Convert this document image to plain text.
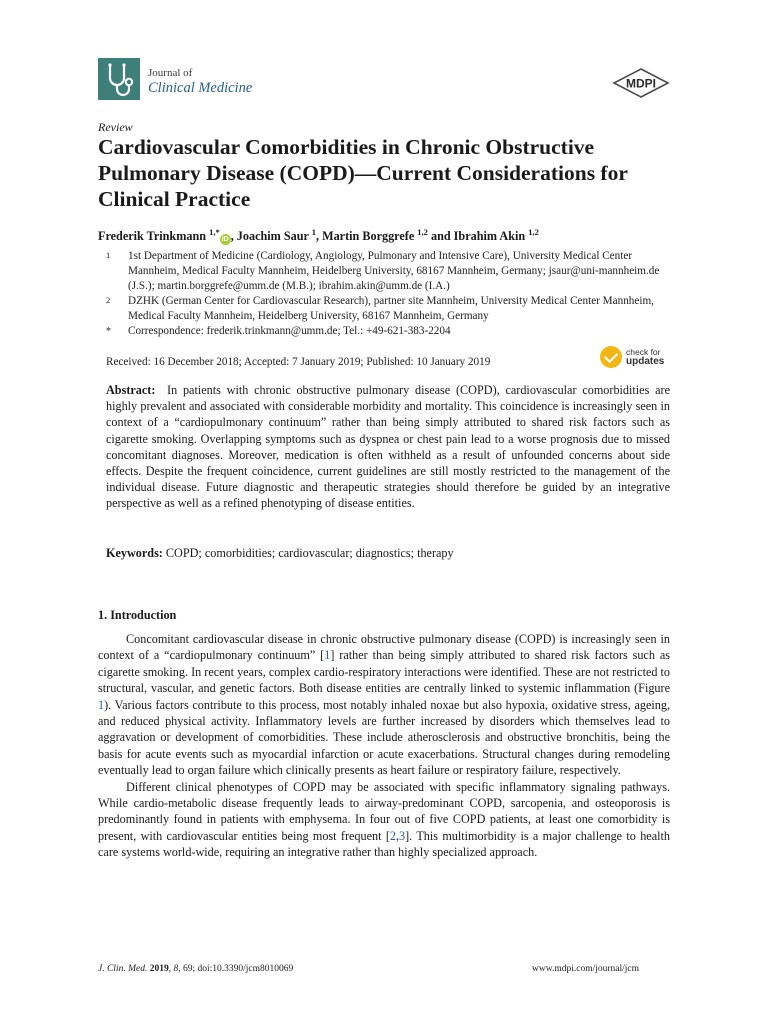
Journal of
Clinical Medicine	MDPI
Review
Cardiovascular Comorbidities in Chronic Obstructive Pulmonary Disease (COPD)—Current Considerations for Clinical Practice
Frederik Trinkmann $^{1,*}$iD , Joachim Saur $^1$, Martin Borggrefe $^{1,2}$ and Ibrahim Akin $^{1,2}$
1	1st Department of Medicine (Cardiology, Angiology, Pulmonary and Intensive Care), University Medical Center Mannheim, Medical Faculty Mannheim, Heidelberg University, 68167 Mannheim, Germany; jsaur@uni-mannheim.de (J.S.); martin.borggrefe@umm.de (M.B.); ibrahim.akin@umm.de (I.A.)
2	DZHK (German Center for Cardiovascular Research), partner site Mannheim, University Medical Center Mannheim, Medical Faculty Mannheim, Heidelberg University, 68167 Mannheim, Germany
*	Correspondence: frederik.trinkmann@umm.de; Tel.: +49-621-383-2204
Received: 16 December 2018; Accepted: 7 January 2019; Published: 10 January 2019
check for
updates
Abstract: In patients with chronic obstructive pulmonary disease (COPD), cardiovascular comorbidities are highly prevalent and associated with considerable morbidity and mortality. This coincidence is increasingly seen in context of a “cardiopulmonary continuum” rather than being simply attributed to shared risk factors such as cigarette smoking. Overlapping symptoms such as dyspnea or chest pain lead to a worse prognosis due to missed concomitant diagnoses. Moreover, medication is often withheld as a result of unfounded concerns about side effects. Despite the frequent coincidence, current guidelines are still mostly restricted to the management of the individual disease. Future diagnostic and therapeutic strategies should therefore be guided by an integrative perspective as well as a refined phenotyping of disease entities.
Keywords: COPD; comorbidities; cardiovascular; diagnostics; therapy
1. Introduction

Concomitant cardiovascular disease in chronic obstructive pulmonary disease (COPD) is increasingly seen in context of a “cardiopulmonary continuum” [1] rather than being simply attributed to shared risk factors such as cigarette smoking. In recent years, complex cardio-respiratory interactions were identified. These are not restricted to structural, vascular, and genetic factors. Both disease entities are centrally linked to systemic inflammation (Figure 1). Various factors contribute to this process, most notably inhaled noxae but also hypoxia, oxidative stress, ageing, and reduced physical activity. Inflammatory levels are further increased by disorders which themselves lead to aggravation or development of comorbidities. These include atherosclerosis and obstructive bronchitis, being the basis for acute events such as myocardial infarction or acute exacerbations. Structural changes during remodeling eventually lead to organ failure which clinically presents as heart failure or respiratory failure, respectively.

Different clinical phenotypes of COPD may be associated with specific inflammatory signaling pathways. While cardio-metabolic disease frequently leads to airway-predominant COPD, sarcopenia, and osteoporosis is predominantly found in patients with emphysema. In four out of five COPD patients, at least one comorbidity is present, with cardiovascular entities being most frequent [2,3]. This multimorbidity is a major challenge to health care systems world-wide, requiring an integrative rather than highly specialized approach.

J. Clin. Med. 2019, 8, 69; doi:10.3390/jcm8010069	www.mdpi.com/journal/jcm
